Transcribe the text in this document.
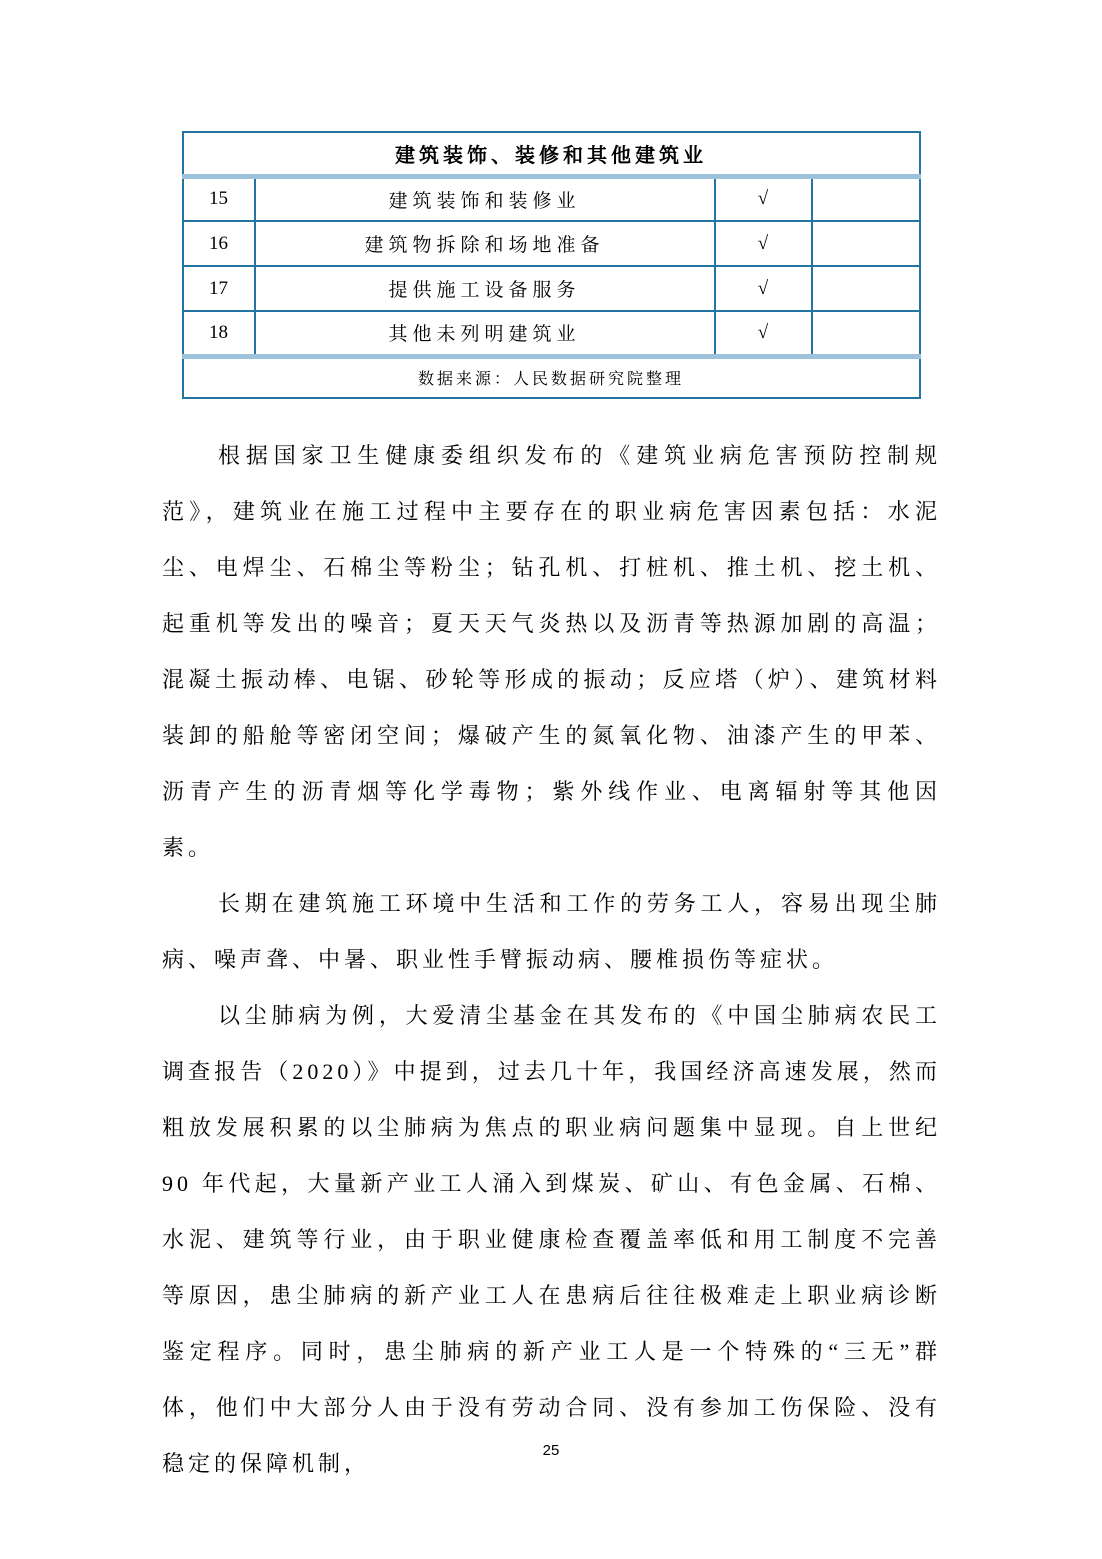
建筑装饰、装修和其他建筑业			
15	建筑装饰和装修业	√	
16	建筑物拆除和场地准备	√	
17	提供施工设备服务	√	
18	其他未列明建筑业	√	
数据来源：人民数据研究院整理			

根据国家卫生健康委组织发布的《建筑业病危害预防控制规范》，建筑业在施工过程中主要存在的职业病危害因素包括：水泥尘、电焊尘、石棉尘等粉尘；钻孔机、打桩机、推土机、挖土机、起重机等发出的噪音；夏天天气炎热以及沥青等热源加剧的高温；混凝土振动棒、电锯、砂轮等形成的振动；反应塔（炉）、建筑材料装卸的船舱等密闭空间；爆破产生的氮氧化物、油漆产生的甲苯、沥青产生的沥青烟等化学毒物；紫外线作业、电离辐射等其他因素。

长期在建筑施工环境中生活和工作的劳务工人，容易出现尘肺病、噪声聋、中暑、职业性手臂振动病、腰椎损伤等症状。

以尘肺病为例，大爱清尘基金在其发布的《中国尘肺病农民工调查报告（2020）》中提到，过去几十年，我国经济高速发展，然而粗放发展积累的以尘肺病为焦点的职业病问题集中显现。自上世纪 90 年代起，大量新产业工人涌入到煤炭、矿山、有色金属、石棉、水泥、建筑等行业，由于职业健康检查覆盖率低和用工制度不完善等原因，患尘肺病的新产业工人在患病后往往极难走上职业病诊断鉴定程序。同时，患尘肺病的新产业工人是一个特殊的“三无”群体，他们中大部分人由于没有劳动合同、没有参加工伤保险、没有稳定的保障机制，

25
